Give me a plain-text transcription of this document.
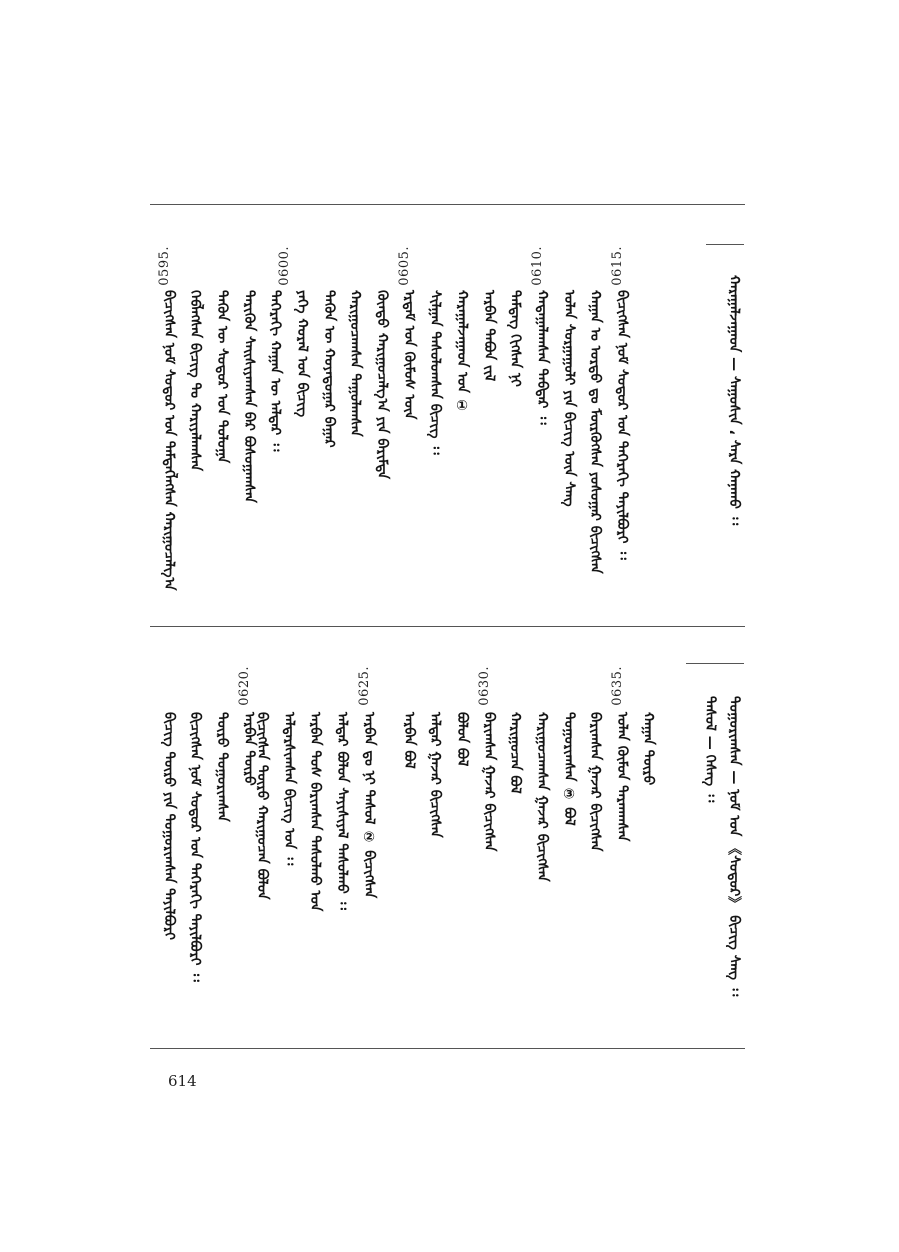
ᠬᠠᠷᠠᠭᠠᠯᠵᠠᠭᠠᠳ — ᠰᠠᠭᠤᠰᠢᠨ ، ᠰᠠᠷᠠ ᠬᠠᠨᠠᠬᠤ ᠄᠄
0615.
ᠪᠢᠴᠢᠭᠰᠡᠨ ᠨᠣᠮ ᠰᠤᠳᠤᠷ ᠤᠨ ᠳᠡᠭᠡᠷᠡᠬᠢ ᠲᠠᠶᠢᠯᠪᠤᠷᠢ ᠄᠄
ᠬᠠᠭᠠᠨ ᠤ ᠣᠷᠳᠣ ᠳᠤ ᠮᠥᠷᠭᠦᠭᠰᠡᠨ ᠶᠣᠰᠤᠭᠠᠷ ᠪᠢᠴᠢᠭᠰᠡᠨ
ᠣᠯᠠᠨ ᠰᠤᠷᠭᠠᠭᠤᠯᠢ ᠶᠢᠨ ᠪᠢᠴᠢᠭ ᠦᠨ ᠰᠠᠩ
ᠬᠠᠳᠠᠭᠠᠯᠠᠭᠰᠠᠨ ᠳᠡᠪᠲᠡᠷ ᠄᠄
ᠲᠡᠮᠳᠡᠭ ᠬᠢᠭᠰᠡᠨ ᠨᠢ
ᠠᠷᠪᠠᠨ ᠲᠠᠪᠤᠨ ᠵᠢᠯ
0610.
ᠬᠠᠷᠠᠭᠠᠯᠵᠠᠭᠠᠳ ᠤᠨ ①
ᠰᠢᠯᠭᠠᠨ ᠲᠠᠰᠤᠯᠤᠭᠰᠠᠨ ᠪᠢᠴᠢᠭ ᠄᠄
ᠡᠷᠳᠡᠮ ᠤᠨ ᠬᠦᠮᠦᠰ ᠦᠨ
ᠬᠦᠨᠳᠦ ᠬᠠᠷᠢᠭᠤᠴᠠᠯᠭ᠎ᠠ ᠶᠢᠨ ᠪᠠᠷᠢᠮᠲᠠ
0605.
ᠬᠠᠷᠢᠭᠤᠴᠠᠭᠰᠠᠨ ᠳᠠᠭᠤᠯᠠᠭᠰᠠᠨ
ᠲᠡᠭᠦᠨ ᠦ ᠬᠣᠶᠠᠳᠤᠭᠠᠷ ᠪᠠᠭᠠᠷ
ᠶᠡᠬᠡ ᠬᠤᠷᠠᠯ ᠤᠨ ᠪᠢᠴᠢᠭ
ᠳᠡᠭᠡᠷᠡᠬᠢ ᠬᠠᠭᠠᠨ ᠦ ᠠᠯᠳᠠᠷ ᠄᠄
0600.
ᠲᠡᠷᠢᠭᠦᠨ ᠰᠠᠢᠰᠢᠶᠠᠭᠰᠠᠨ ᠪᠠᠷ ᠪᠤᠰᠤᠭᠠᠭᠰᠠᠨ
ᠲᠡᠭᠦᠨ ᠦ ᠰᠤᠳᠤᠷ ᠤᠨ ᠳᠣᠯᠤᠭᠠ
ᠬᠡᠪᠯᠡᠭᠰᠡᠨ ᠪᠢᠴᠢᠭ ᠲᠤ ᠬᠠᠷᠢᠶᠠᠯᠠᠭᠰᠠᠨ
0595.
ᠪᠢᠴᠢᠭᠰᠡᠨ ᠨᠣᠮ ᠰᠤᠳᠤᠷ ᠤᠨ ᠲᠡᠮᠳᠡᠭᠯᠡᠭᠰᠡᠨ ᠬᠠᠷᠢᠭᠤᠴᠠᠯᠭ᠎ᠠ
ᠲᠣᠭᠤᠷᠢᠭᠰᠠᠨ — ᠨᠣᠮ ᠤᠨ 《ᠰᠤᠳᠤᠷ》 ᠪᠢᠴᠢᠭ ᠰᠠᠩ ᠄᠄
ᠲᠠᠰᠤᠯ — ᠬᠡᠰᠡᠭ ᠄᠄
0635.
ᠬᠠᠭᠠᠨ ᠲᠦᠷᠦ
ᠣᠯᠠᠨ ᠬᠦᠮᠦᠨ ᠲᠠᠷᠬᠠᠭᠰᠠᠨ
ᠪᠠᠷᠢᠭᠰᠠᠨ ᠭᠠᠵᠠᠷ ᠪᠢᠴᠢᠭᠰᠡᠨ
ᠲᠣᠭᠤᠷᠢᠭᠰᠠᠨ ③ ᠪᠣᠯ
ᠬᠠᠷᠢᠭᠤᠴᠠᠭᠰᠠᠨ ᠭᠠᠵᠠᠷ ᠪᠢᠴᠢᠭᠰᠡᠨ
ᠬᠠᠷᠢᠭᠤᠴᠠᠨ ᠪᠣᠯ
0630.
ᠪᠠᠷᠢᠭᠰᠠᠨ ᠭᠠᠵᠠᠷ ᠪᠢᠴᠢᠭᠰᠡᠨ
ᠪᠣᠯᠤᠨ ᠪᠣᠯ
ᠠᠯᠳᠠᠷ ᠭᠠᠵᠠᠷ ᠪᠢᠴᠢᠭᠰᠡᠨ
ᠠᠷᠪᠠᠨ ᠪᠣᠯ
0625.
ᠠᠷᠪᠠᠨ ᠳᠤ ᠨᠢ ᠲᠠᠰᠤᠯ ② ᠪᠢᠴᠢᠭᠰᠡᠨ
ᠠᠯᠳᠠᠷ ᠪᠣᠯᠤᠨ ᠰᠠᠶᠢᠰᠢᠶᠠᠯ ᠲᠠᠰᠤᠯᠬᠤ ᠄᠄
ᠠᠷᠪᠠᠨ ᠲᠤᠰ ᠪᠠᠷᠢᠭᠰᠠᠨ ᠲᠠᠰᠤᠯᠬᠤ ᠤᠨ
ᠠᠯᠳᠠᠷᠰᠢᠭᠰᠠᠨ ᠪᠢᠴᠢᠭ ᠤᠨ ᠄᠄
0620.
ᠪᠢᠴᠢᠭᠰᠡᠨ ᠲᠦᠷᠦ ᠬᠠᠷᠢᠭᠤᠴᠠᠨ ᠪᠣᠯᠤᠨ
ᠠᠷᠪᠠᠨ ᠲᠦᠷᠦ
ᠲᠦᠷᠦ ᠲᠣᠭᠤᠷᠢᠭᠰᠠᠨ
ᠪᠢᠴᠢᠭᠰᠡᠨ ᠨᠣᠮ ᠰᠤᠳᠤᠷ ᠤᠨ ᠳᠡᠭᠡᠷᠡᠬᠢ ᠲᠠᠶᠢᠯᠪᠤᠷᠢ ᠄᠄
ᠪᠢᠴᠢᠭ ᠲᠦᠷᠦ ᠶᠢᠨ ᠲᠣᠭᠤᠷᠢᠭᠰᠠᠨ ᠲᠠᠶᠢᠯᠪᠤᠷᠢ
614
